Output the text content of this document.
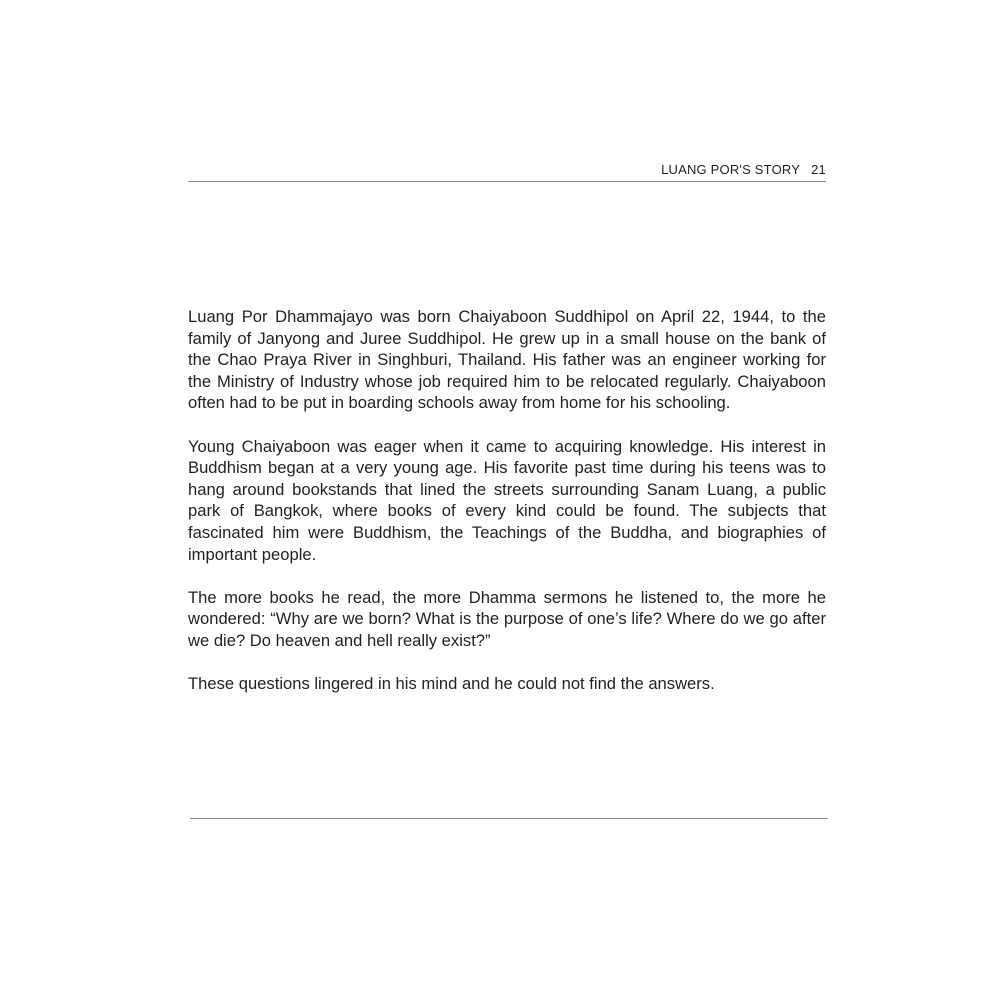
LUANG POR'S STORY 21

Luang Por Dhammajayo was born Chaiyaboon Suddhipol on April 22, 1944, to the family of Janyong and Juree Suddhipol. He grew up in a small house on the bank of the Chao Praya River in Singhburi, Thailand. His father was an engineer working for the Ministry of Industry whose job required him to be relocated regularly. Chaiyaboon often had to be put in boarding schools away from home for his schooling.

Young Chaiyaboon was eager when it came to acquiring knowledge. His interest in Buddhism began at a very young age. His favorite past time during his teens was to hang around bookstands that lined the streets surrounding Sanam Luang, a public park of Bangkok, where books of every kind could be found. The subjects that fascinated him were Buddhism, the Teachings of the Buddha, and biographies of important people.

The more books he read, the more Dhamma sermons he listened to, the more he wondered: “Why are we born? What is the purpose of one’s life? Where do we go after we die? Do heaven and hell really exist?”

These questions lingered in his mind and he could not find the answers.
